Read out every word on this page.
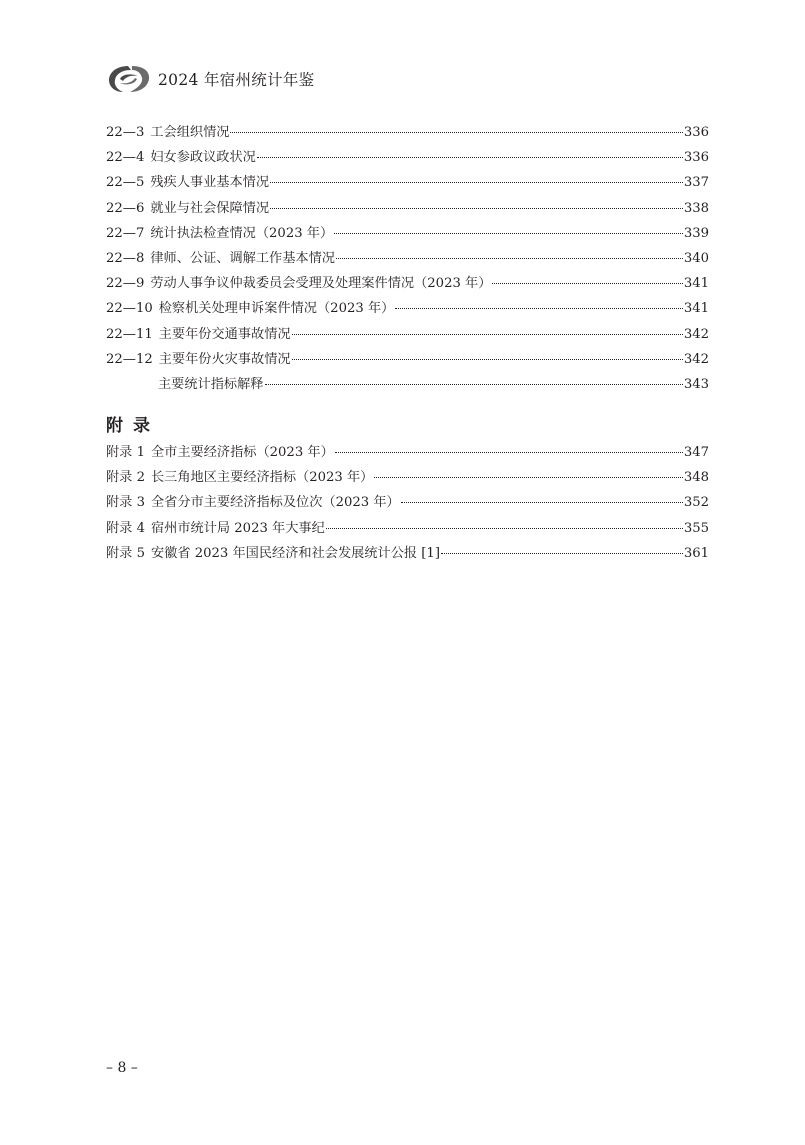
2024 年宿州统计年鉴
22—3 工会组织情况	336
22—4 妇女参政议政状况	336
22—5 残疾人事业基本情况	337
22—6 就业与社会保障情况	338
22—7 统计执法检查情况（2023 年）	339
22—8 律师、公证、调解工作基本情况	340
22—9 劳动人事争议仲裁委员会受理及处理案件情况（2023 年）	341
22—10 检察机关处理申诉案件情况（2023 年）	341
22—11 主要年份交通事故情况	342
22—12 主要年份火灾事故情况	342
主要统计指标解释	343
附录
附录 1 全市主要经济指标（2023 年）	347
附录 2 长三角地区主要经济指标（2023 年）	348
附录 3 全省分市主要经济指标及位次（2023 年）	352
附录 4 宿州市统计局 2023 年大事纪	355
附录 5 安徽省 2023 年国民经济和社会发展统计公报 [1]	361
– 8 –
